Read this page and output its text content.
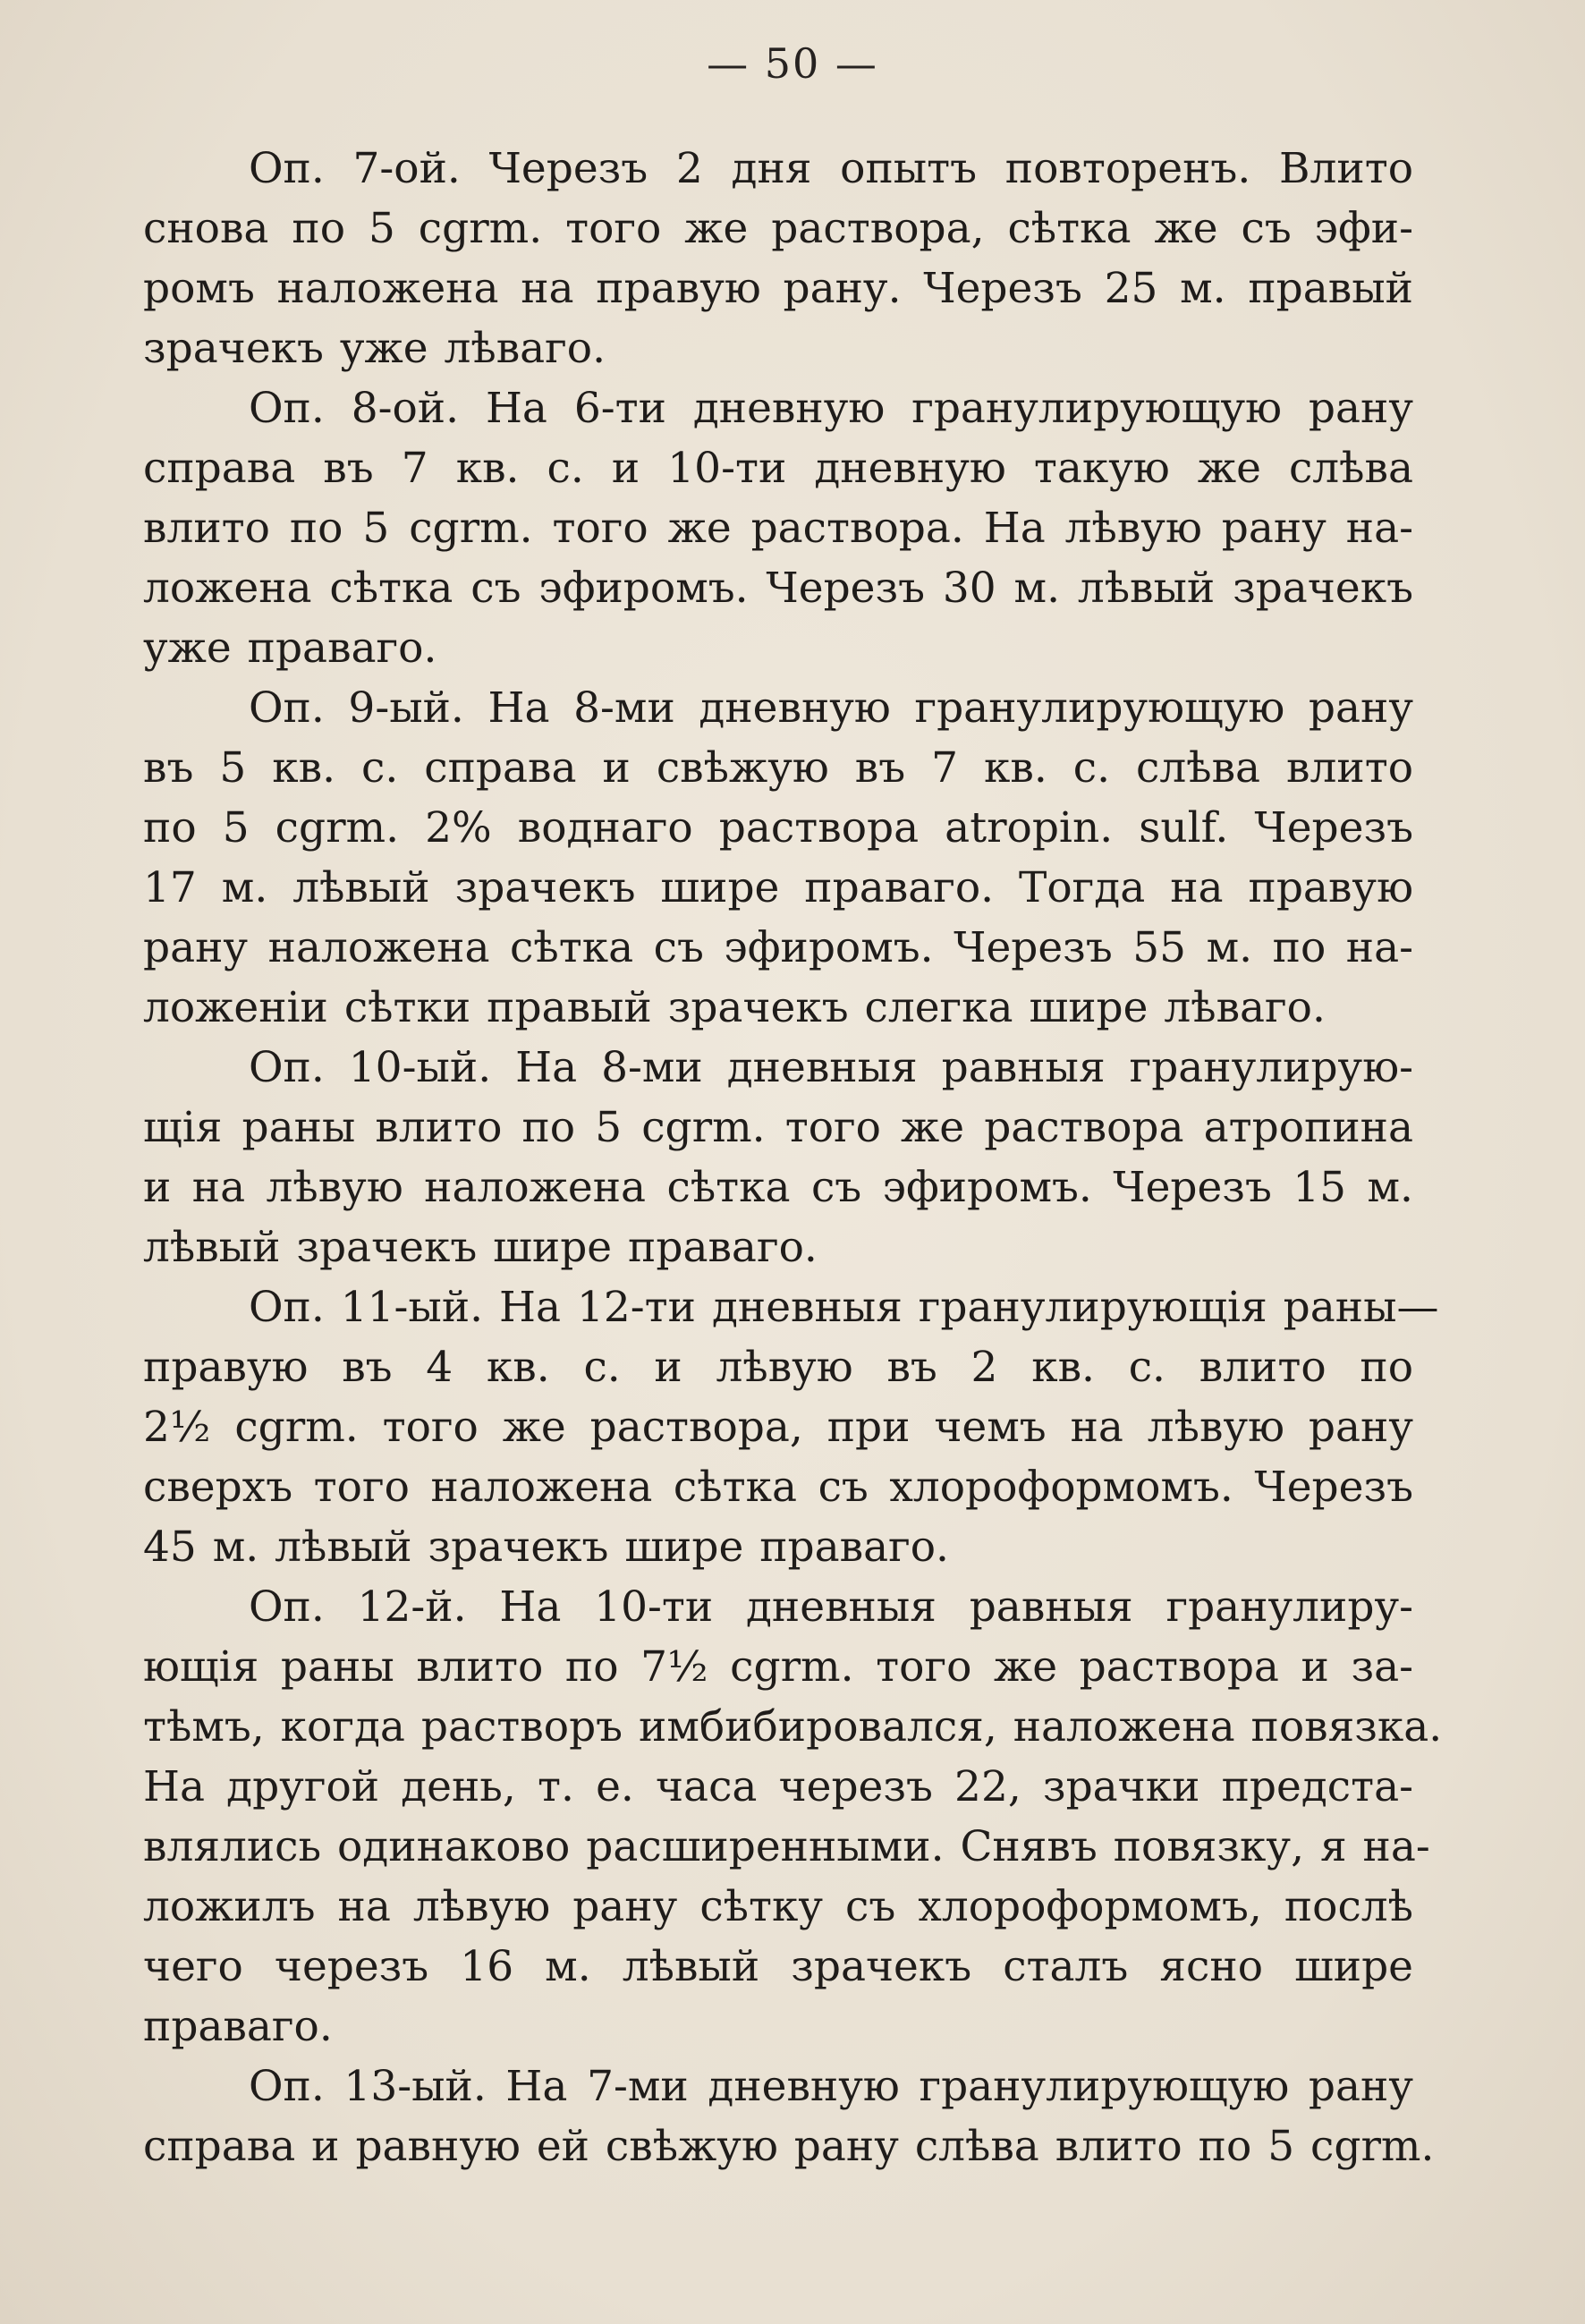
— 50 —
Оп. 7-ой. Черезъ 2 дня опытъ повторенъ. Влито
снова по 5 cgrm. того же раствора, сѣтка же съ эфи-
ромъ наложена на правую рану. Черезъ 25 м. правый
зрачекъ уже лѣваго.
Оп. 8-ой. На 6-ти дневную гранулирующую рану
справа въ 7 кв. с. и 10-ти дневную такую же слѣва
влито по 5 cgrm. того же раствора. На лѣвую рану на-
ложена сѣтка съ эфиромъ. Черезъ 30 м. лѣвый зрачекъ
уже праваго.
Оп. 9-ый. На 8-ми дневную гранулирующую рану
въ 5 кв. с. справа и свѣжую въ 7 кв. с. слѣва влито
по 5 cgrm. 2% воднаго раствора atropin. sulf. Черезъ
17 м. лѣвый зрачекъ шире праваго. Тогда на правую
рану наложена сѣтка съ эфиромъ. Черезъ 55 м. по на-
ложеніи сѣтки правый зрачекъ слегка шире лѣваго.
Оп. 10-ый. На 8-ми дневныя равныя гранулирую-
щія раны влито по 5 cgrm. того же раствора атропина
и на лѣвую наложена сѣтка съ эфиромъ. Черезъ 15 м.
лѣвый зрачекъ шире праваго.
Оп. 11-ый. На 12-ти дневныя гранулирующія раны—
правую въ 4 кв. с. и лѣвую въ 2 кв. с. влито по
2½ cgrm. того же раствора, при чемъ на лѣвую рану
сверхъ того наложена сѣтка съ хлороформомъ. Черезъ
45 м. лѣвый зрачекъ шире праваго.
Оп. 12-й. На 10-ти дневныя равныя гранулиру-
ющія раны влито по 7½ cgrm. того же раствора и за-
тѣмъ, когда растворъ имбибировался, наложена повязка.
На другой день, т. е. часа черезъ 22, зрачки предста-
влялись одинаково расширенными. Снявъ повязку, я на-
ложилъ на лѣвую рану сѣтку съ хлороформомъ, послѣ
чего черезъ 16 м. лѣвый зрачекъ сталъ ясно шире
праваго.
Оп. 13-ый. На 7-ми дневную гранулирующую рану
справа и равную ей свѣжую рану слѣва влито по 5 cgrm.
